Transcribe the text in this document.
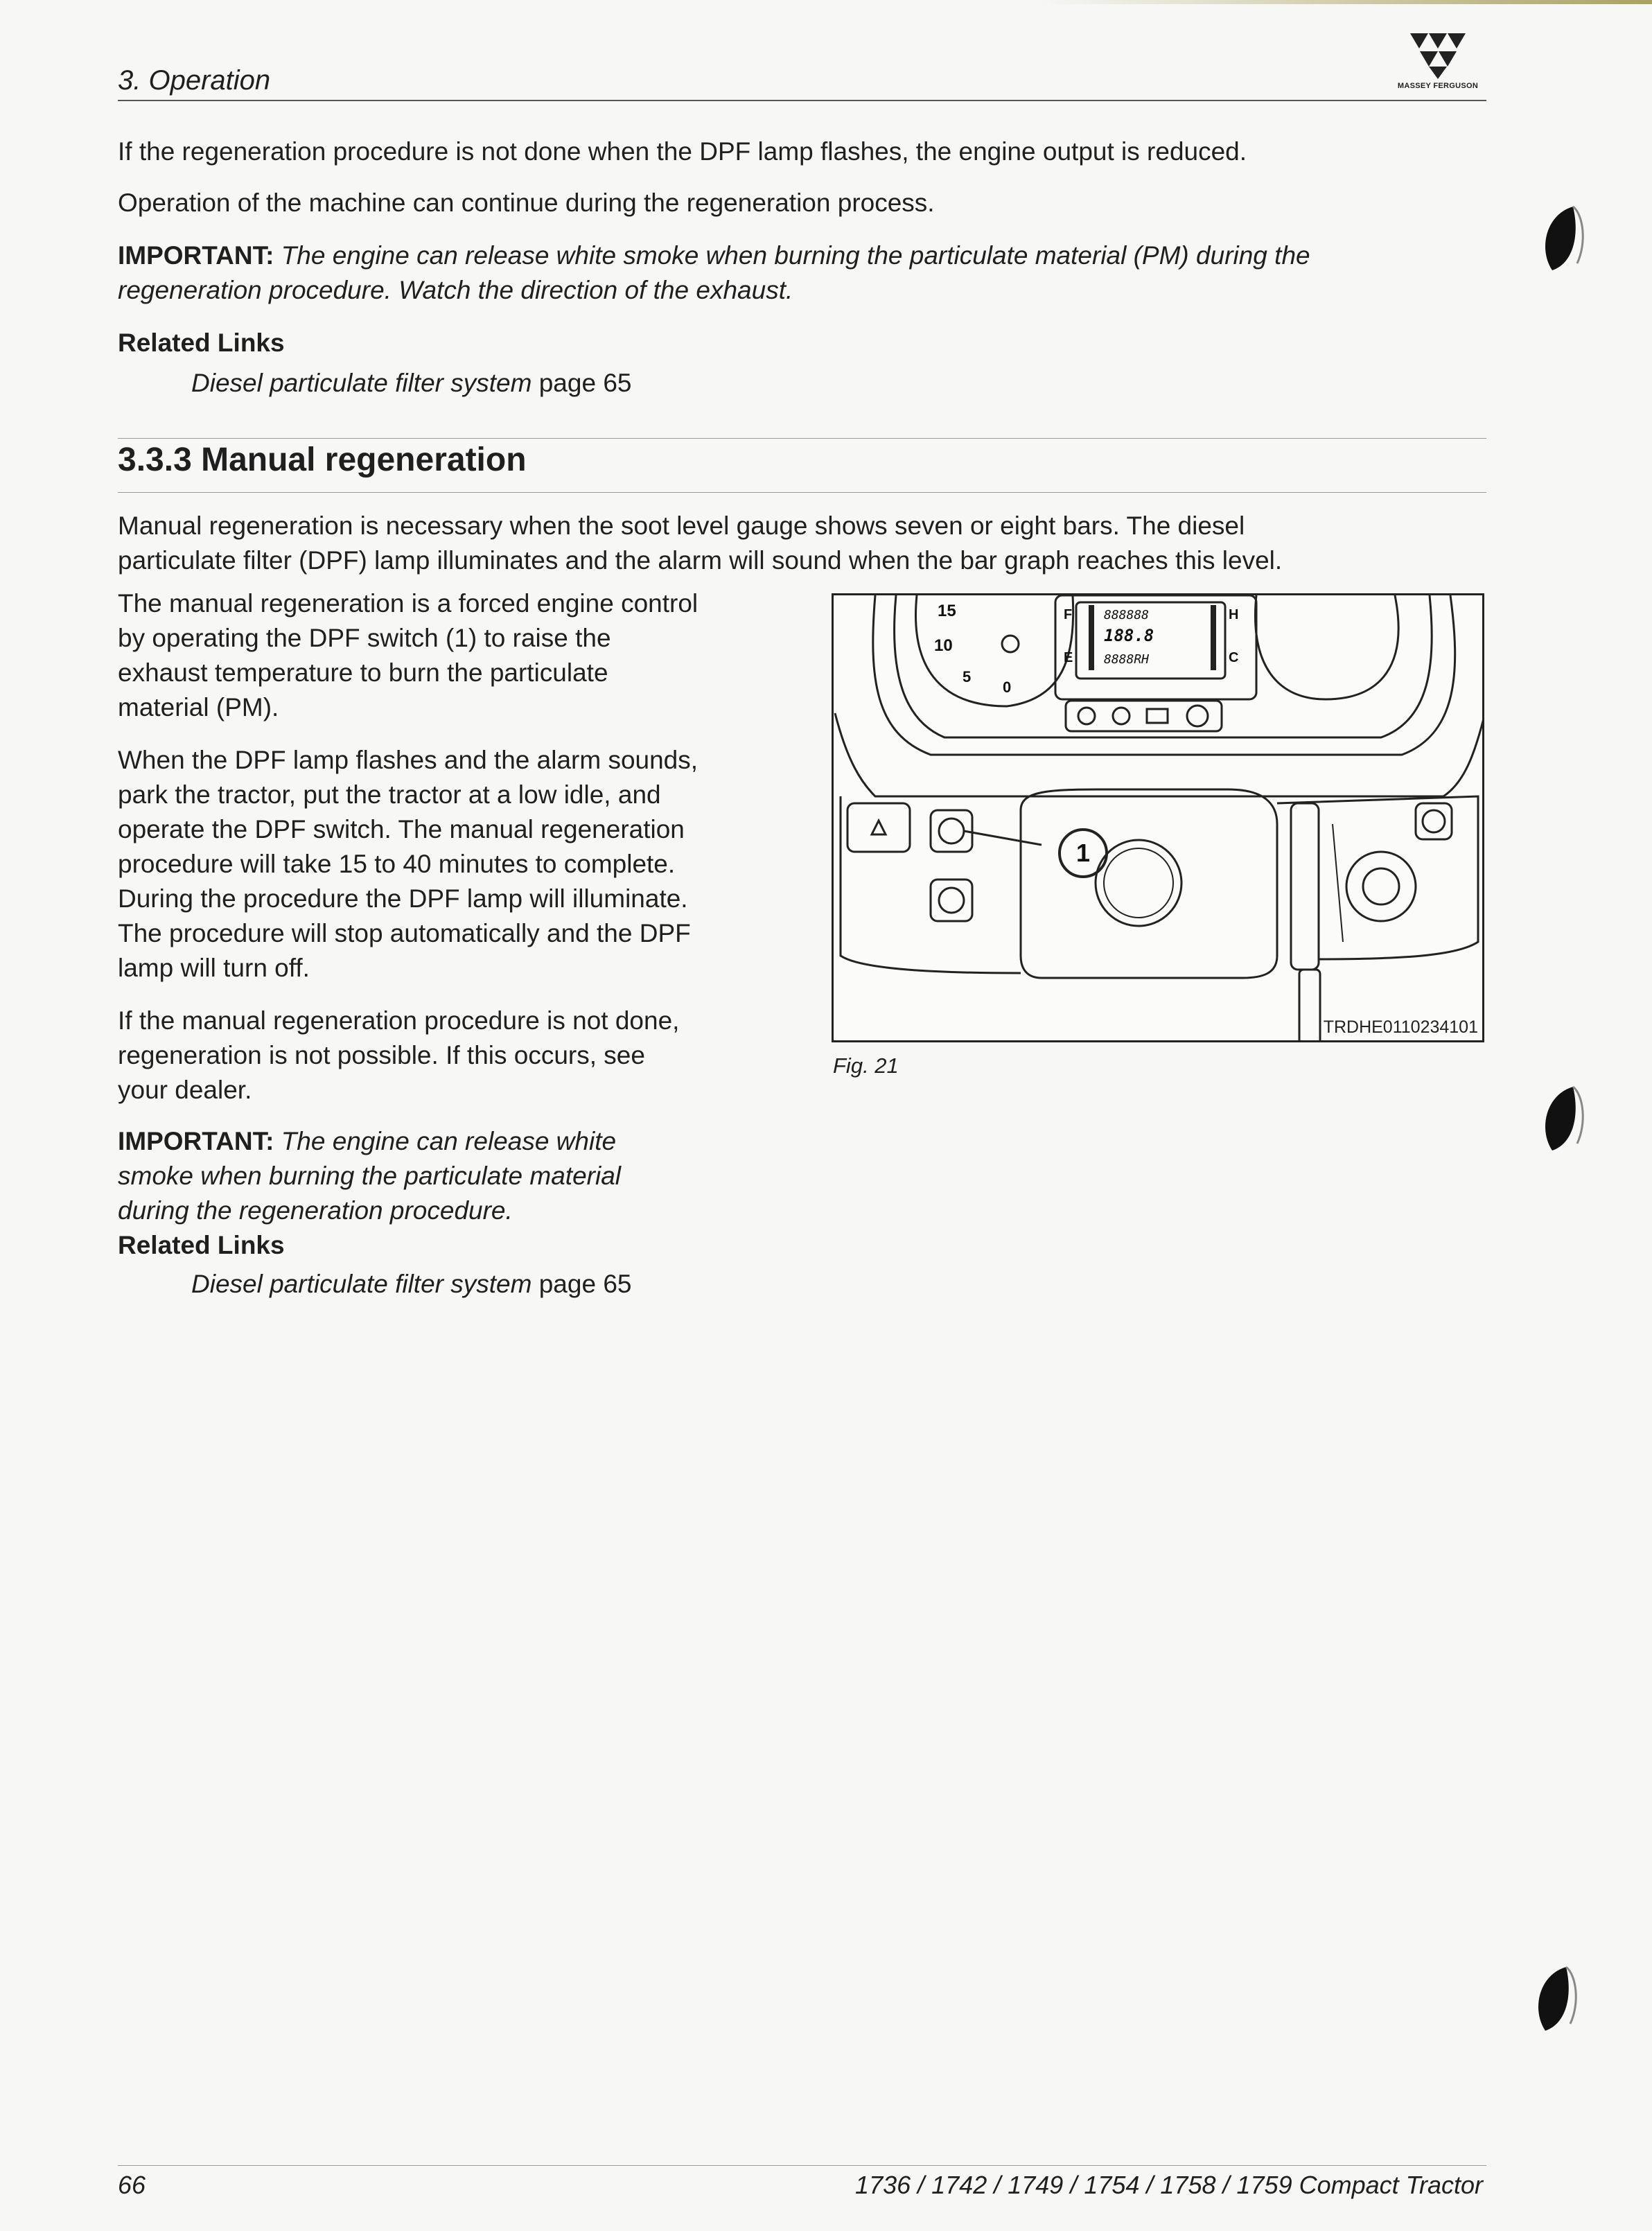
3. Operation	MASSEY FERGUSON

If the regeneration procedure is not done when the DPF lamp flashes, the engine output is reduced.

Operation of the machine can continue during the regeneration process.

IMPORTANT: The engine can release white smoke when burning the particulate material (PM) during the

regeneration procedure. Watch the direction of the exhaust.

Related Links

Diesel particulate filter system page 65

3.3.3 Manual regeneration

Manual regeneration is necessary when the soot level gauge shows seven or eight bars. The diesel

particulate filter (DPF) lamp illuminates and the alarm will sound when the bar graph reaches this level.

The manual regeneration is a forced engine control

by operating the DPF switch (1) to raise the

exhaust temperature to burn the particulate

material (PM).

When the DPF lamp flashes and the alarm sounds,

park the tractor, put the tractor at a low idle, and

operate the DPF switch. The manual regeneration

procedure will take 15 to 40 minutes to complete.

During the procedure the DPF lamp will illuminate.

The procedure will stop automatically and the DPF

lamp will turn off.

If the manual regeneration procedure is not done,

regeneration is not possible. If this occurs, see

your dealer.

IMPORTANT: The engine can release white

smoke when burning the particulate material

during the regeneration procedure.

Related Links

Diesel particulate filter system page 65

15
10
5
0
F
E
H
C
888888
188.8
8888RH
1
TRDHE0110234101
Fig. 21
66	1736 / 1742 / 1749 / 1754 / 1758 / 1759 Compact Tractor
